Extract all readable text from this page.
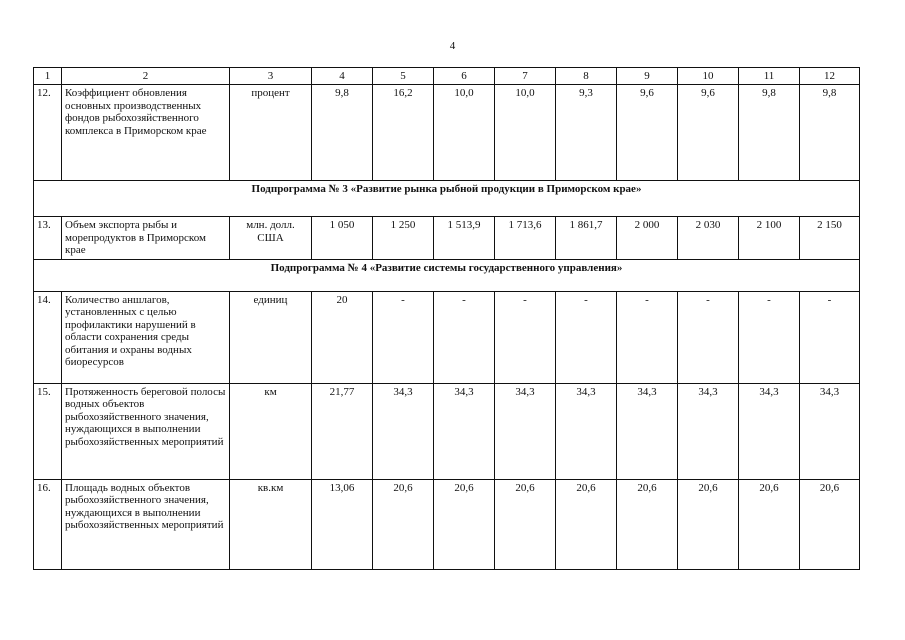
4
1	2	3	4	5	6	7	8	9	10	11	12
12.	Коэффициент обновления основных производственных фондов рыбохозяйственного комплекса в Приморском крае	процент	9,8	16,2	10,0	10,0	9,3	9,6	9,6	9,8	9,8
Подпрограмма № 3 «Развитие рынка рыбной продукции в Приморском крае»											
13.	Объем экспорта рыбы и морепродуктов в Приморском крае	млн. долл. США	1 050	1 250	1 513,9	1 713,6	1 861,7	2 000	2 030	2 100	2 150
Подпрограмма № 4 «Развитие системы государственного управления»											
14.	Количество аншлагов, установленных с целью профилактики нарушений в области сохранения среды обитания и охраны водных биоресурсов	единиц	20	-	-	-	-	-	-	-	-
15.	Протяженность береговой полосы водных объектов рыбохозяйственного значения, нуждающихся в выполнении рыбохозяйственных мероприятий	км	21,77	34,3	34,3	34,3	34,3	34,3	34,3	34,3	34,3
16.	Площадь водных объектов рыбохозяйственного значения, нуждающихся в выполнении рыбохозяйственных мероприятий	кв.км	13,06	20,6	20,6	20,6	20,6	20,6	20,6	20,6	20,6
